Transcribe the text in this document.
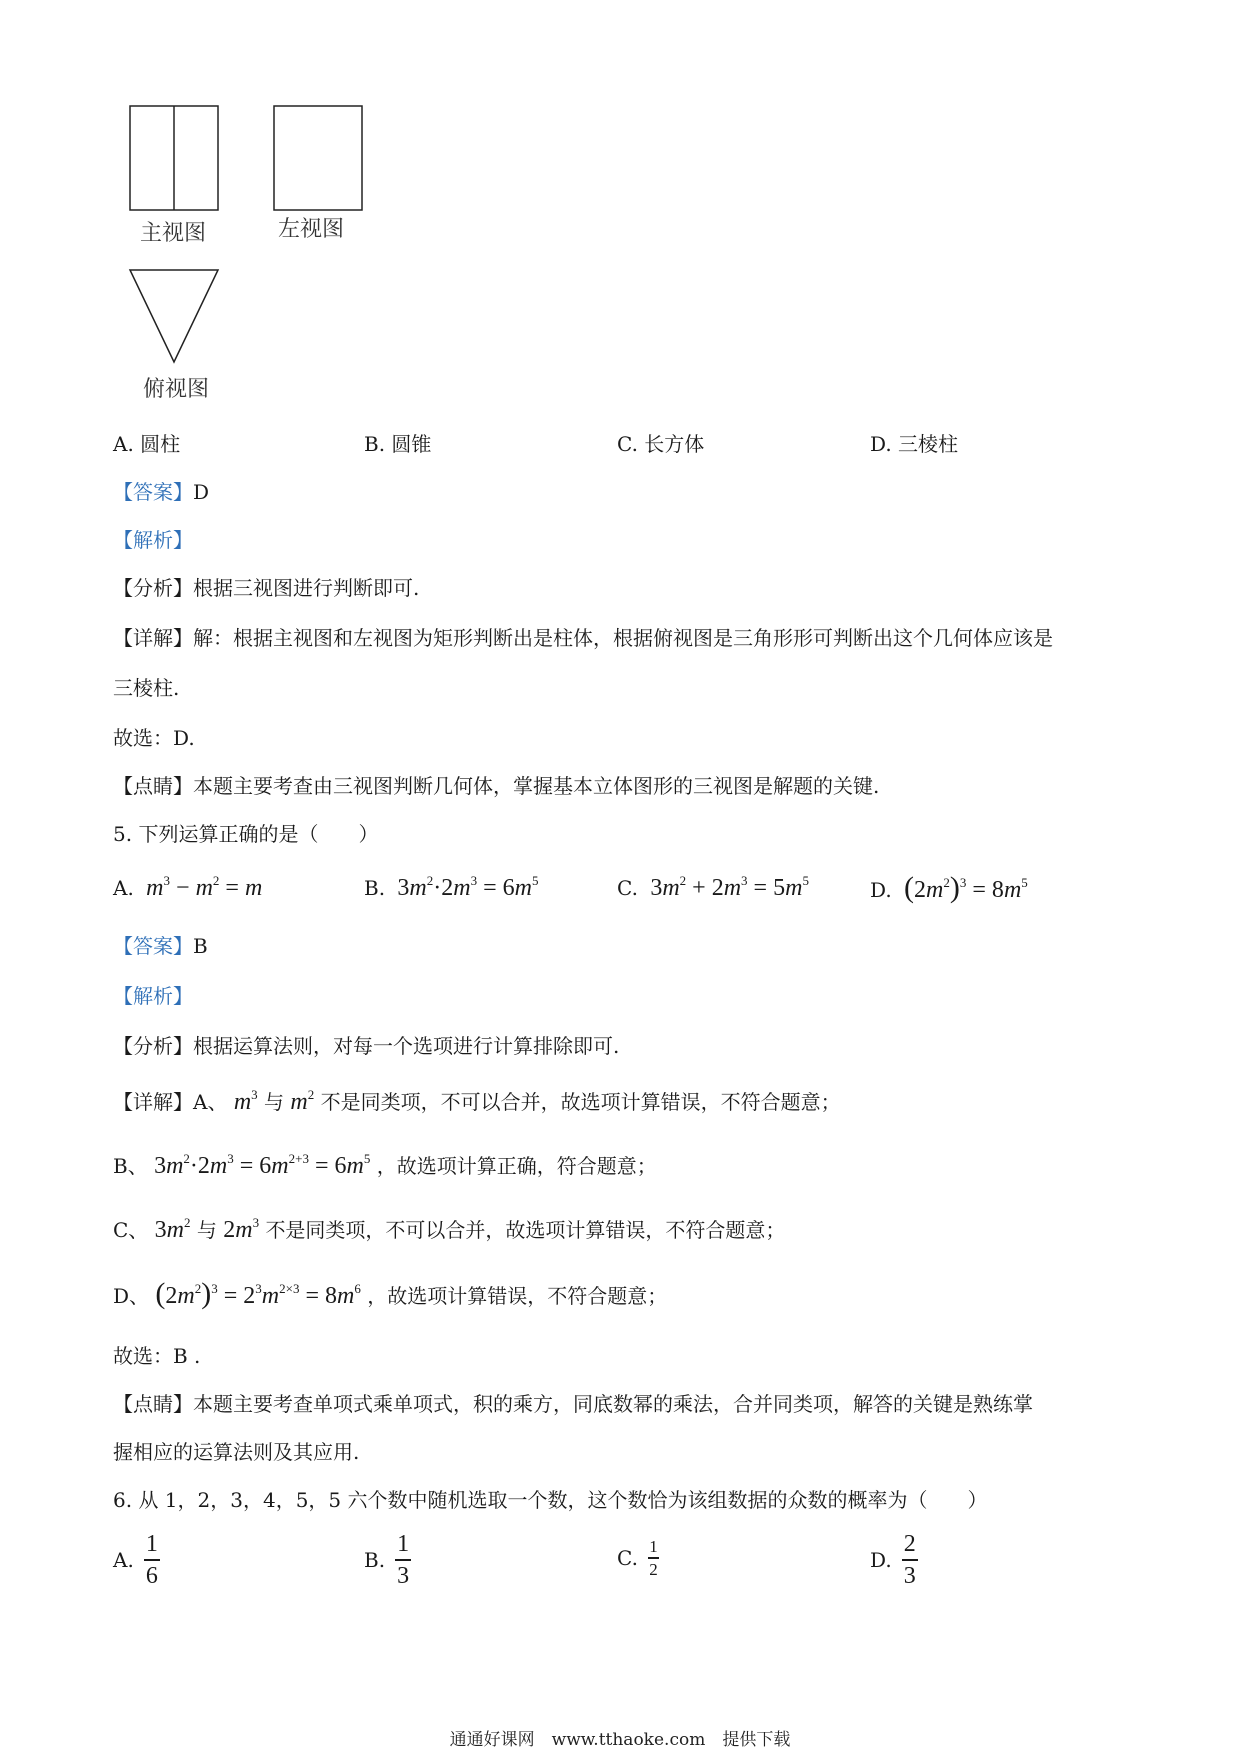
主视图	左视图
俯视图
A. 圆柱	B. 圆锥	C. 长方体	D. 三棱柱
【答案】D
【解析】
【分析】根据三视图进行判断即可.
【详解】解：根据主视图和左视图为矩形判断出是柱体，根据俯视图是三角形形可判断出这个几何体应该是
三棱柱.
故选：D.
【点睛】本题主要考查由三视图判断几何体，掌握基本立体图形的三视图是解题的关键.
5. 下列运算正确的是（　　）
A. $m^3 - m^2 = m$	B.  $3m^2\cdot 2m^3 = 6m^5$	C.  $3m^2 + 2m^3 = 5m^5$	D. $(2m^2)^3 = 8m^5$
【答案】B
【解析】
【分析】根据运算法则，对每一个选项进行计算排除即可.
【详解】A、 $m^3$ 与 $m^2$ 不是同类项，不可以合并，故选项计算错误，不符合题意；
B、 $3m^2\cdot 2m^3 = 6m^{2+3} = 6m^5$ ，故选项计算正确，符合题意；
C、 $3m^2$ 与 $2m^3$ 不是同类项，不可以合并，故选项计算错误，不符合题意；
D、 $(2m^2)^3 = 2^3m^{2\times 3} = 8m^6$ ，故选项计算错误，不符合题意；
故选：B .
【点睛】本题主要考查单项式乘单项式，积的乘方，同底数幂的乘法，合并同类项，解答的关键是熟练掌
握相应的运算法则及其应用.
6. 从 1，2，3，4，5，5 六个数中随机选取一个数，这个数恰为该组数据的众数的概率为（　　）
A. $\frac{1}{6}$	B. $\frac{1}{3}$	C. $\frac{1}{2}$	D. $\frac{2}{3}$
通通好课网　www.tthaoke.com　提供下载
